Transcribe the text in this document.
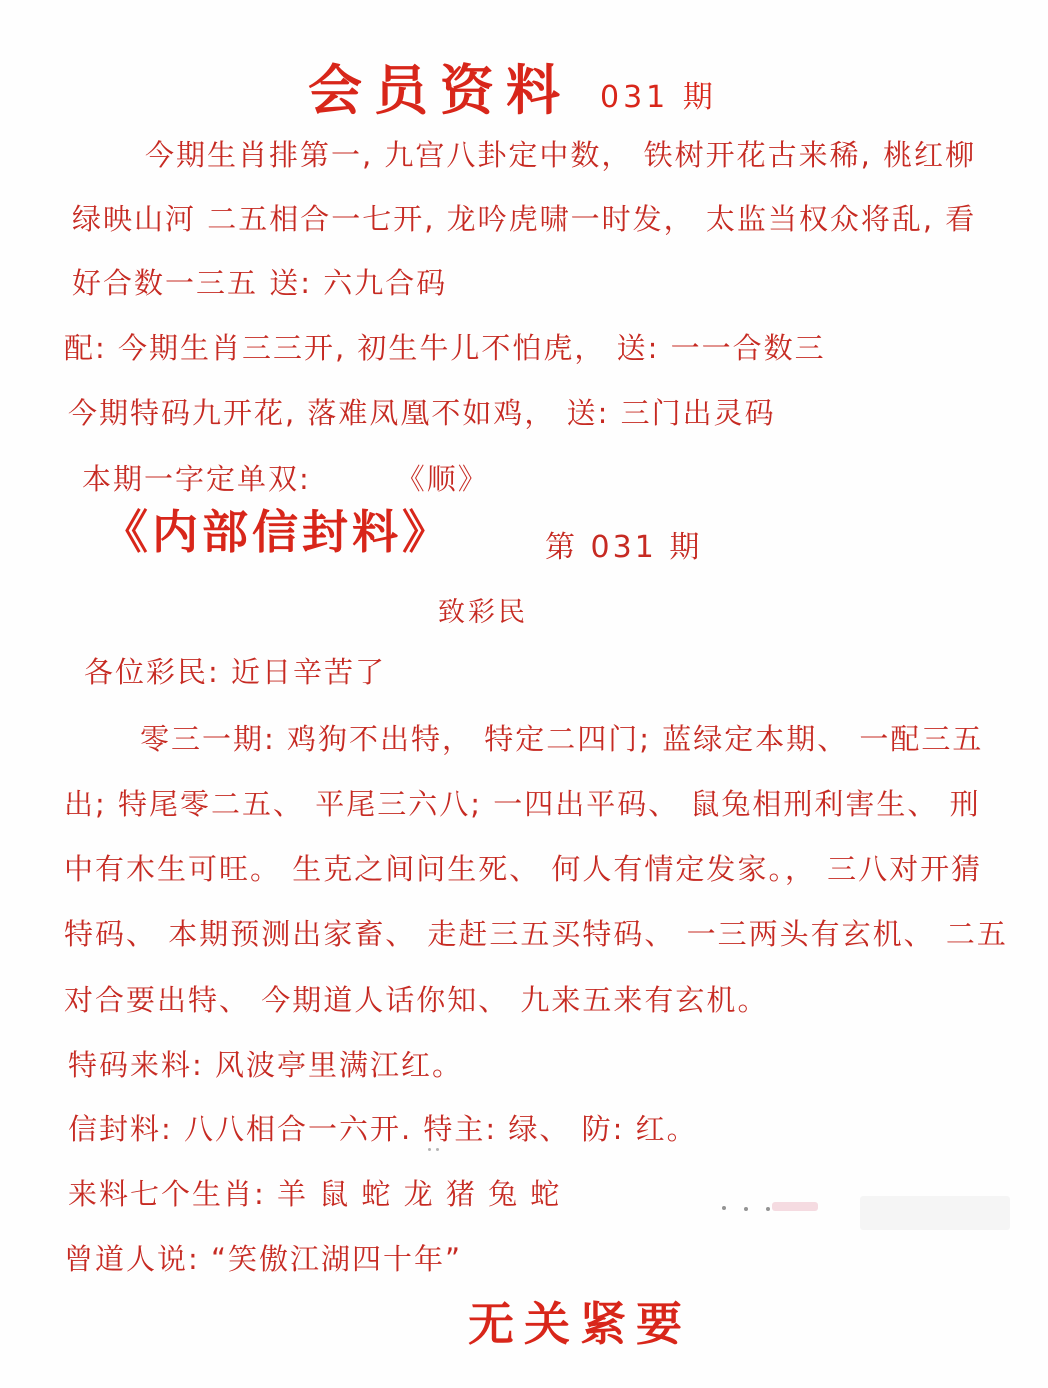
会员资料 031 期
今期生肖排第一, 九宫八卦定中数， 铁树开花古来稀, 桃红柳
绿映山河 二五相合一七开, 龙吟虎啸一时发， 太监当权众将乱, 看
好合数一三五 送: 六九合码
配: 今期生肖三三开, 初生牛儿不怕虎， 送: 一一合数三
今期特码九开花, 落难凤凰不如鸡， 送: 三门出灵码
本期一字定单双:	《顺》
《内部信封料》	第 031 期
致彩民
各位彩民: 近日辛苦了
零三一期: 鸡狗不出特， 特定二四门; 蓝绿定本期、 一配三五
出; 特尾零二五、 平尾三六八; 一四出平码、 鼠兔相刑利害生、 刑
中有木生可旺。 生克之间问生死、 何人有情定发家。， 三八对开猜
特码、 本期预测出家畜、 走赶三五买特码、 一三两头有玄机、 二五
对合要出特、 今期道人话你知、 九来五来有玄机。
特码来料: 风波亭里满江红。
信封料: 八八相合一六开. 特主: 绿、 防: 红。
来料七个生肖: 羊 鼠 蛇 龙 猪 兔 蛇
曾道人说: “笑傲江湖四十年”
无关紧要
